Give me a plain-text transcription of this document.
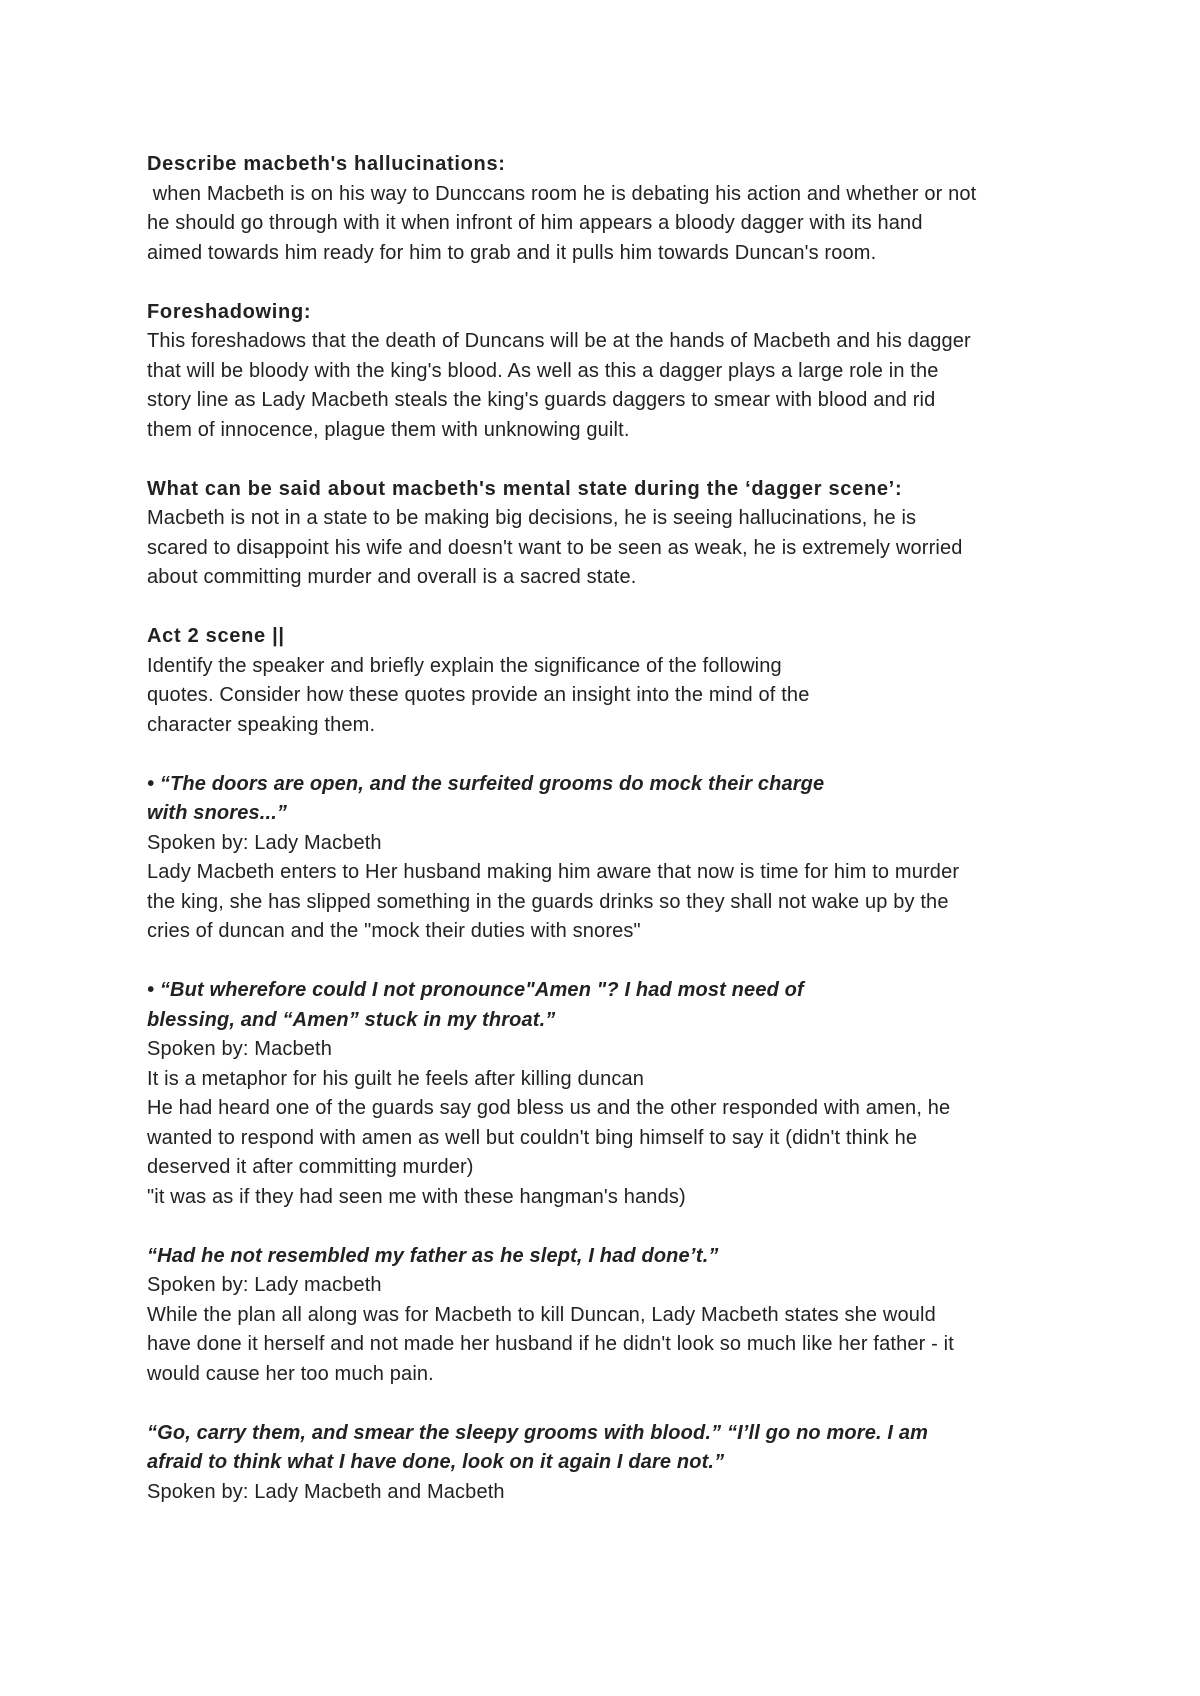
Describe macbeth's hallucinations:
when Macbeth is on his way to Dunccans room he is debating his action and whether or not
he should go through with it when infront of him appears a bloody dagger with its hand
aimed towards him ready for him to grab and it pulls him towards Duncan's room.
Foreshadowing:
This foreshadows that the death of Duncans will be at the hands of Macbeth and his dagger
that will be bloody with the king's blood. As well as this a dagger plays a large role in the
story line as Lady Macbeth steals the king's guards daggers to smear with blood and rid
them of innocence, plague them with unknowing guilt.
What can be said about macbeth's mental state during the ‘dagger scene’:
Macbeth is not in a state to be making big decisions, he is seeing hallucinations, he is
scared to disappoint his wife and doesn't want to be seen as weak, he is extremely worried
about committing murder and overall is a sacred state.
Act 2 scene ||
Identify the speaker and briefly explain the significance of the following
quotes. Consider how these quotes provide an insight into the mind of the
character speaking them.
• “The doors are open, and the surfeited grooms do mock their charge
with snores...”
Spoken by: Lady Macbeth
Lady Macbeth enters to Her husband making him aware that now is time for him to murder
the king, she has slipped something in the guards drinks so they shall not wake up by the
cries of duncan and the "mock their duties with snores"
• “But wherefore could I not pronounce"Amen "? I had most need of
blessing, and “Amen” stuck in my throat.”
Spoken by: Macbeth
It is a metaphor for his guilt he feels after killing duncan
He had heard one of the guards say god bless us and the other responded with amen, he
wanted to respond with amen as well but couldn't bing himself to say it (didn't think he
deserved it after committing murder)
"it was as if they had seen me with these hangman's hands)
“Had he not resembled my father as he slept, I had done’t.”
Spoken by: Lady macbeth
While the plan all along was for Macbeth to kill Duncan, Lady Macbeth states she would
have done it herself and not made her husband if he didn't look so much like her father - it
would cause her too much pain.
“Go, carry them, and smear the sleepy grooms with blood.” “I’ll go no more. I am
afraid to think what I have done, look on it again I dare not.”
Spoken by: Lady Macbeth and Macbeth
